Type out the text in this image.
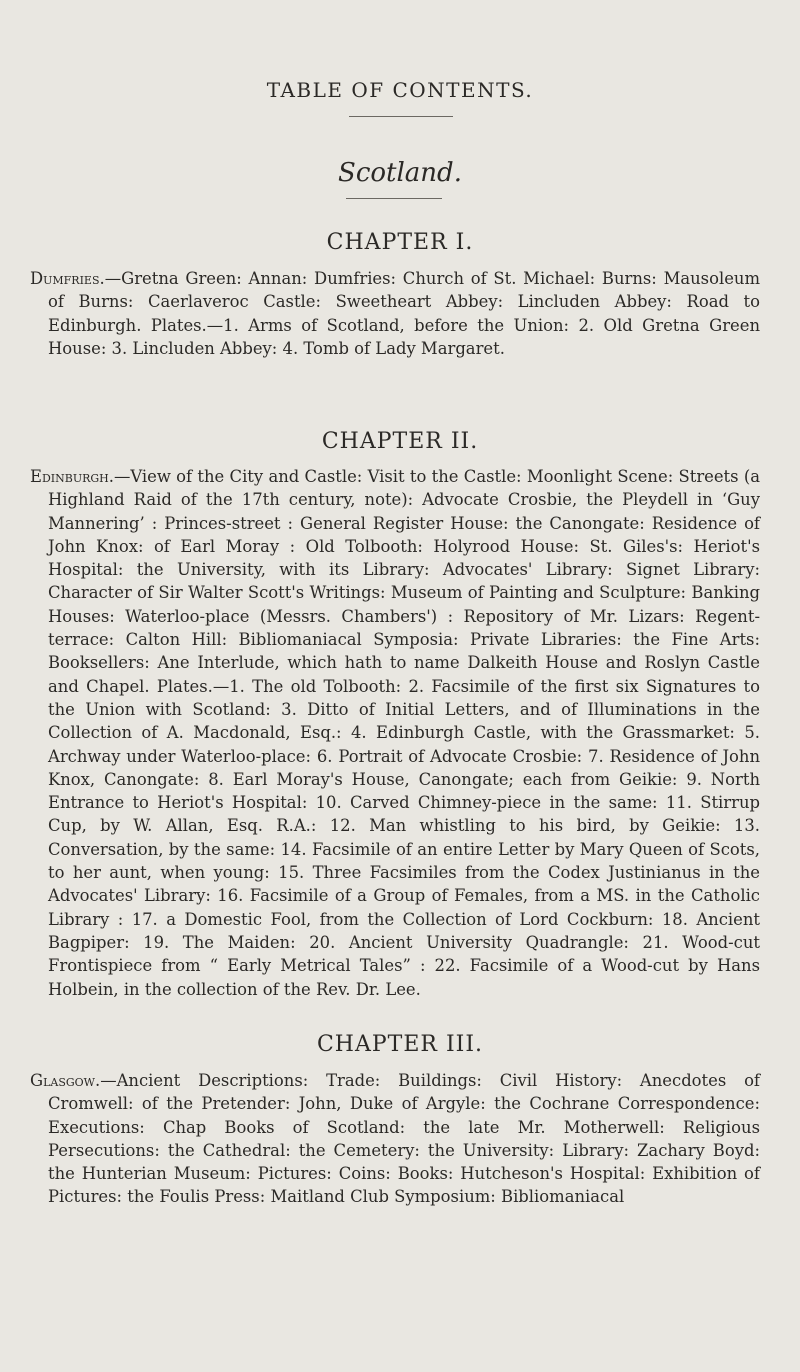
TABLE OF CONTENTS.
Scotland.
CHAPTER I.

Dumfries.—Gretna Green: Annan: Dumfries: Church of St. Michael: Burns: Mausoleum of Burns: Caerlaveroc Castle: Sweetheart Abbey: Lincluden Abbey: Road to Edinburgh. Plates.—1. Arms of Scotland, before the Union: 2. Old Gretna Green House: 3. Lincluden Abbey: 4. Tomb of Lady Margaret.

CHAPTER II.

Edinburgh.—View of the City and Castle: Visit to the Castle: Moonlight Scene: Streets (a Highland Raid of the 17th century, note): Advocate Crosbie, the Pleydell in ‘Guy Mannering’ : Princes-street : General Register House: the Canongate: Residence of John Knox: of Earl Moray : Old Tolbooth: Holyrood House: St. Giles's: Heriot's Hospital: the University, with its Library: Advocates' Library: Signet Library: Character of Sir Walter Scott's Writings: Museum of Painting and Sculpture: Banking Houses: Waterloo-place (Messrs. Chambers') : Repository of Mr. Lizars: Regent-terrace: Calton Hill: Bibliomaniacal Symposia: Private Libraries: the Fine Arts: Booksellers: Ane Interlude, which hath to name Dalkeith House and Roslyn Castle and Chapel. Plates.—1. The old Tolbooth: 2. Facsimile of the first six Signatures to the Union with Scotland: 3. Ditto of Initial Letters, and of Illuminations in the Collection of A. Macdonald, Esq.: 4. Edinburgh Castle, with the Grassmarket: 5. Archway under Waterloo-place: 6. Portrait of Advocate Crosbie: 7. Residence of John Knox, Canongate: 8. Earl Moray's House, Canongate; each from Geikie: 9. North Entrance to Heriot's Hospital: 10. Carved Chimney-piece in the same: 11. Stirrup Cup, by W. Allan, Esq. R.A.: 12. Man whistling to his bird, by Geikie: 13. Conversation, by the same: 14. Facsimile of an entire Letter by Mary Queen of Scots, to her aunt, when young: 15. Three Facsimiles from the Codex Justinianus in the Advocates' Library: 16. Facsimile of a Group of Females, from a MS. in the Catholic Library : 17. a Domestic Fool, from the Collection of Lord Cockburn: 18. Ancient Bagpiper: 19. The Maiden: 20. Ancient University Quadrangle: 21. Wood-cut Frontispiece from “ Early Metrical Tales” : 22. Facsimile of a Wood-cut by Hans Holbein, in the collection of the Rev. Dr. Lee.

CHAPTER III.

Glasgow.—Ancient Descriptions: Trade: Buildings: Civil History: Anecdotes of Cromwell: of the Pretender: John, Duke of Argyle: the Cochrane Correspondence: Executions: Chap Books of Scotland: the late Mr. Motherwell: Religious Persecutions: the Cathedral: the Cemetery: the University: Library: Zachary Boyd: the Hunterian Museum: Pictures: Coins: Books: Hutcheson's Hospital: Exhibition of Pictures: the Foulis Press: Maitland Club Symposium: Bibliomaniacal
